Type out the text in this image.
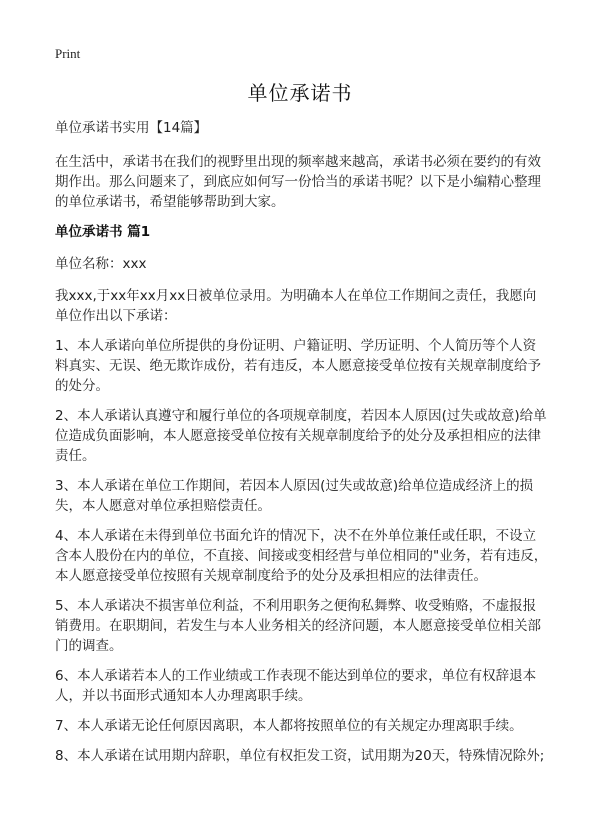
Print
单位承诺书

单位承诺书实用【14篇】

在生活中，承诺书在我们的视野里出现的频率越来越高，承诺书必须在要约的有效期作出。那么问题来了，到底应如何写一份恰当的承诺书呢？以下是小编精心整理的单位承诺书，希望能够帮助到大家。

单位承诺书 篇1

单位名称：xxx

我xxx,于xx年xx月xx日被单位录用。为明确本人在单位工作期间之责任，我愿向单位作出以下承诺：

1、本人承诺向单位所提供的身份证明、户籍证明、学历证明、个人简历等个人资料真实、无误、绝无欺诈成份，若有违反，本人愿意接受单位按有关规章制度给予的处分。

2、本人承诺认真遵守和履行单位的各项规章制度，若因本人原因(过失或故意)给单位造成负面影响，本人愿意接受单位按有关规章制度给予的处分及承担相应的法律责任。

3、本人承诺在单位工作期间，若因本人原因(过失或故意)给单位造成经济上的损失，本人愿意对单位承担赔偿责任。

4、本人承诺在未得到单位书面允许的情况下，决不在外单位兼任或任职，不设立含本人股份在内的单位，不直接、间接或变相经营与单位相同的"业务，若有违反，本人愿意接受单位按照有关规章制度给予的处分及承担相应的法律责任。

5、本人承诺决不损害单位利益，不利用职务之便徇私舞弊、收受贿赂，不虚报报销费用。在职期间，若发生与本人业务相关的经济问题，本人愿意接受单位相关部门的调查。

6、本人承诺若本人的工作业绩或工作表现不能达到单位的要求，单位有权辞退本人，并以书面形式通知本人办理离职手续。

7、本人承诺无论任何原因离职，本人都将按照单位的有关规定办理离职手续。

8、本人承诺在试用期内辞职，单位有权拒发工资，试用期为20天，特殊情况除外;
